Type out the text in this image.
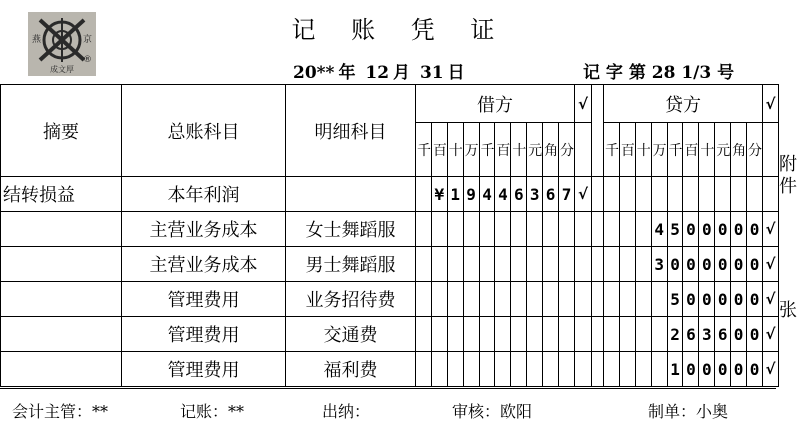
燕	京
成文厚
®
记 账 凭 证
20** 年 12 月 31 日	记 字 第 28 1/3 号
摘要	总账科目	明细科目	借方										√		贷方										√
			千	百	十	万	千	百	十	元	角	分			千	百	十	万	千	百	十	元	角	分	
结转损益	本年利润			¥	1	9	4	4	6	3	6	7	√												
	主营业务成本	女士舞蹈服																4	5	0	0	0	0	0	√
	主营业务成本	男士舞蹈服																3	0	0	0	0	0	0	√
	管理费用	业务招待费																	5	0	0	0	0	0	√
	管理费用	交通费																	2	6	3	6	0	0	√
	管理费用	福利费																	1	0	0	0	0	0	√
附件
张
会计主管：**	记账：**	出纳：	审核：欧阳	制单：小奥
